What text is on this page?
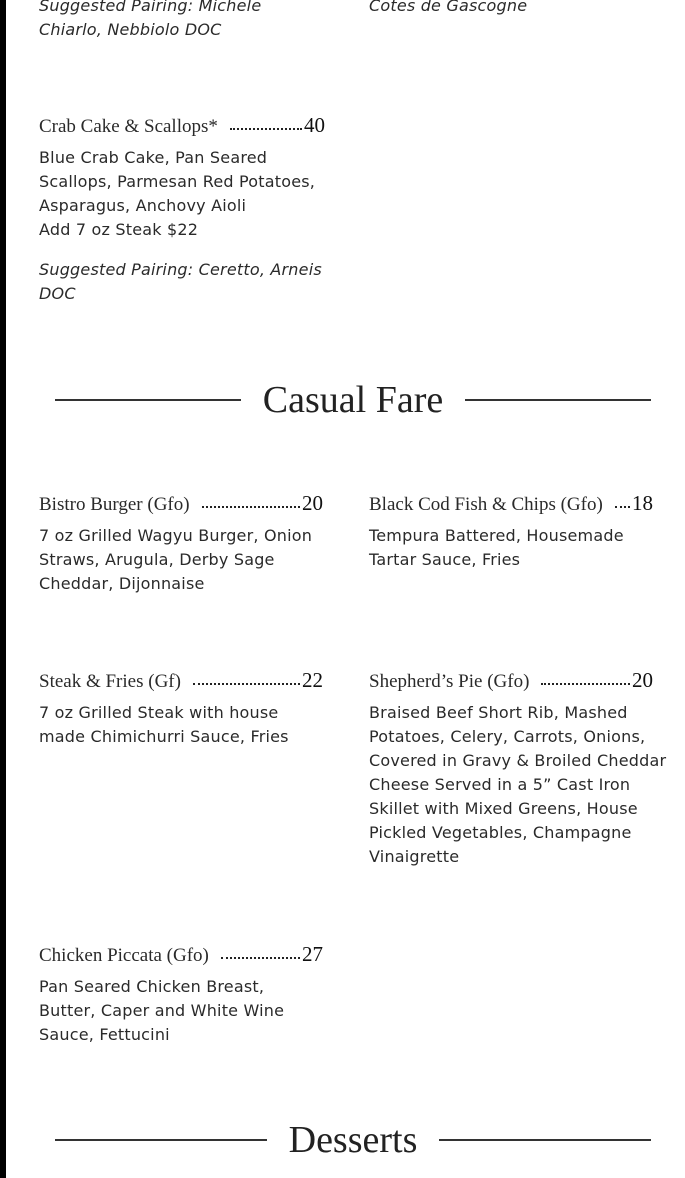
Suggested Pairing: Michele Chiarlo, Nebbiolo DOC
Cotes de Gascogne
Crab Cake & Scallops*	40
Blue Crab Cake, Pan Seared Scallops, Parmesan Red Potatoes, Asparagus, Anchovy Aioli
Add 7 oz Steak $22
Suggested Pairing: Ceretto, Arneis DOC
Casual Fare
Bistro Burger (Gfo)	20
7 oz Grilled Wagyu Burger, Onion Straws, Arugula, Derby Sage Cheddar, Dijonnaise
Black Cod Fish & Chips (Gfo) 18
Tempura Battered, Housemade Tartar Sauce, Fries
Steak & Fries (Gf)	22
7 oz Grilled Steak with house made Chimichurri Sauce, Fries
Shepherd’s Pie (Gfo)	20
Braised Beef Short Rib, Mashed Potatoes, Celery, Carrots, Onions, Covered in Gravy & Broiled Cheddar Cheese Served in a 5” Cast Iron Skillet with Mixed Greens, House Pickled Vegetables, Champagne Vinaigrette
Chicken Piccata (Gfo)	27
Pan Seared Chicken Breast, Butter, Caper and White Wine Sauce, Fettucini
Desserts
